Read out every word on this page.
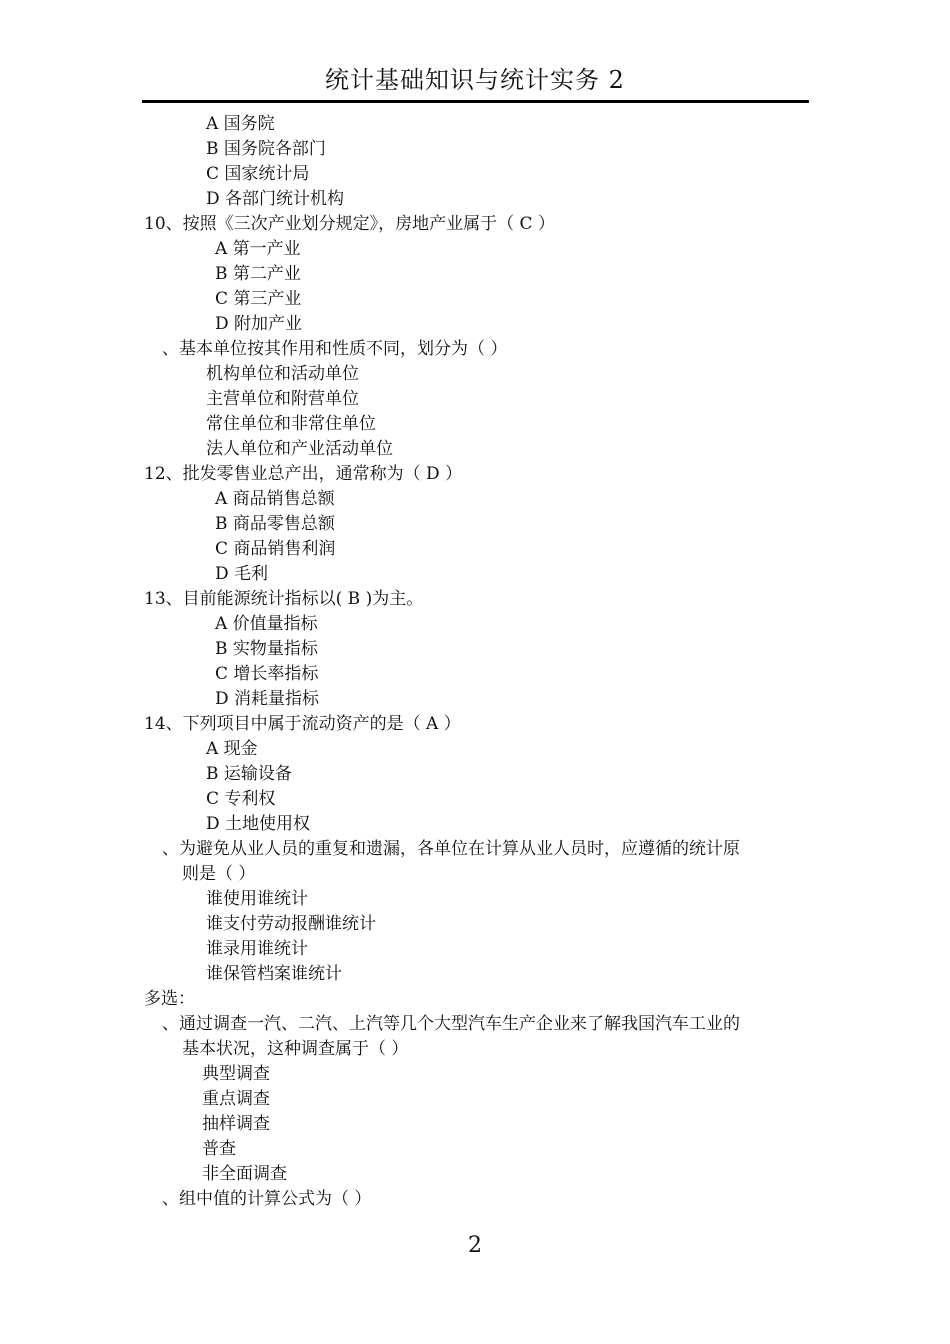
统计基础知识与统计实务 2
A 国务院
B 国务院各部门
C 国家统计局
D 各部门统计机构
10、按照《三次产业划分规定》，房地产业属于（ C ）
A 第一产业
B 第二产业
C 第三产业
D 附加产业
、基本单位按其作用和性质不同，划分为（ ）
机构单位和活动单位
主营单位和附营单位
常住单位和非常住单位
法人单位和产业活动单位
12、批发零售业总产出，通常称为（ D ）
A 商品销售总额
B 商品零售总额
C 商品销售利润
D 毛利
13、目前能源统计指标以( B )为主。
A 价值量指标
B 实物量指标
C 增长率指标
D 消耗量指标
14、下列项目中属于流动资产的是（ A ）
A 现金
B 运输设备
C 专利权
D 土地使用权
、为避免从业人员的重复和遗漏，各单位在计算从业人员时，应遵循的统计原
则是（ ）
谁使用谁统计
谁支付劳动报酬谁统计
谁录用谁统计
谁保管档案谁统计
多选：
、通过调查一汽、二汽、上汽等几个大型汽车生产企业来了解我国汽车工业的
基本状况，这种调查属于（ ）
典型调查
重点调查
抽样调查
普查
非全面调查
、组中值的计算公式为（ ）
2
